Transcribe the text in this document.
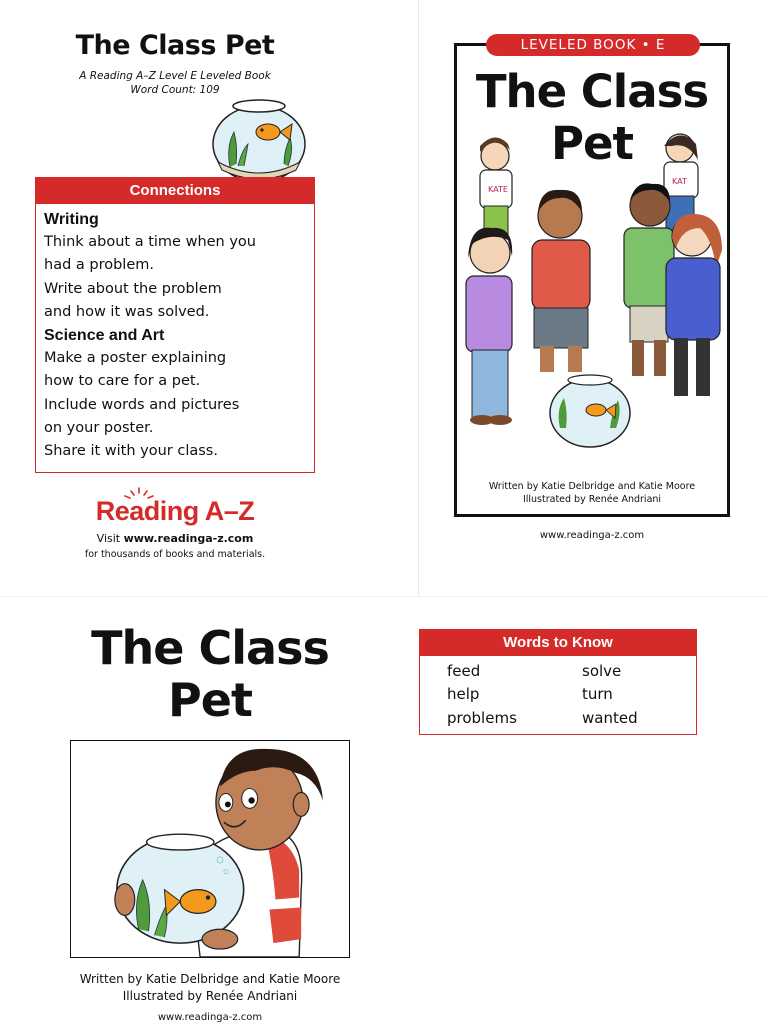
The Class Pet
A Reading A–Z Level E Leveled Book
Word Count: 109
Connections
Writing
Think about a time when you
had a problem.
Write about the problem
and how it was solved.
Science and Art
Make a poster explaining
how to care for a pet.
Include words and pictures
on your poster.
Share it with your class.
Reading A–Z
Visit www.readinga-z.com
for thousands of books and materials.
LEVELED BOOK • E
The Class
Pet
KATE
KAT
Written by Katie Delbridge and Katie Moore
Illustrated by Renée Andriani
www.readinga-z.com
The Class
Pet
Written by Katie Delbridge and Katie Moore
Illustrated by Renée Andriani
www.readinga-z.com
Words to Know
feed
help
problems
solve
turn
wanted
